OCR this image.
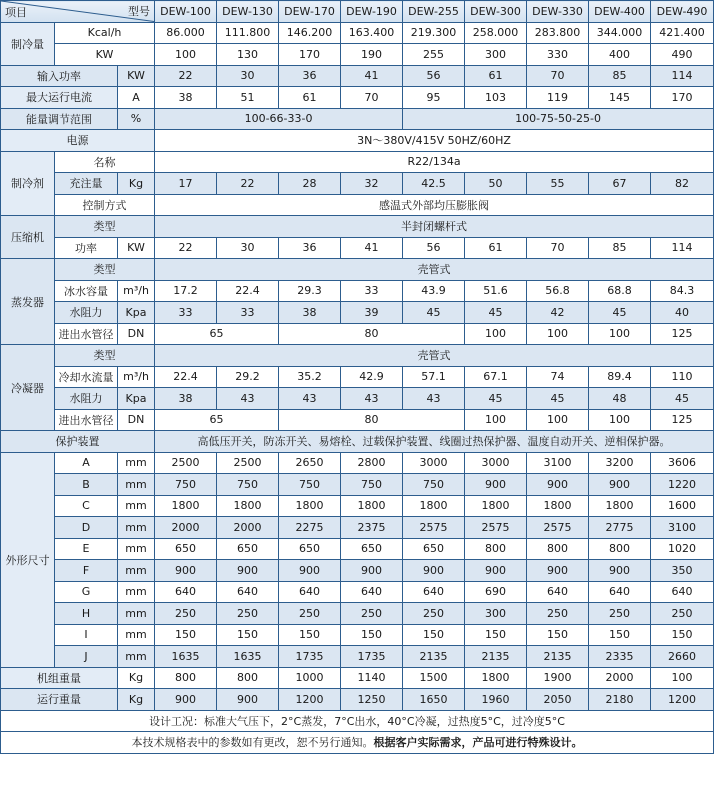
项目 型号			DEW-100	DEW-130	DEW-170	DEW-190	DEW-255	DEW-300	DEW-330	DEW-400	DEW-490
制冷量	Kcal/h		86.000	111.800	146.200	163.400	219.300	258.000	283.800	344.000	421.400
	KW		100	130	170	190	255	300	330	400	490
输入功率		KW	22	30	36	41	56	61	70	85	114
最大运行电流		A	38	51	61	70	95	103	119	145	170
能量调节范围		%	100-66-33-0				100-75-50-25-0				
电源			3N～380V/415V 50HZ/60HZ								
制冷剂	名称		R22/134a								
	充注量	Kg	17	22	28	32	42.5	50	55	67	82
	控制方式		感温式外部均压膨胀阀								
压缩机	类型		半封闭螺杆式								
	功率	KW	22	30	36	41	56	61	70	85	114
蒸发器	类型		壳管式								
	冰水容量	m³/h	17.2	22.4	29.3	33	43.9	51.6	56.8	68.8	84.3
	水阻力	Kpa	33	33	38	39	45	45	42	45	40
	进出水管径	DN	65		80			100	100	100	125
冷凝器	类型		壳管式								
	冷却水流量	m³/h	22.4	29.2	35.2	42.9	57.1	67.1	74	89.4	110
	水阻力	Kpa	38	43	43	43	43	45	45	48	45
	进出水管径	DN	65		80			100	100	100	125
保护装置			高低压开关，防冻开关、易熔栓、过载保护装置、线圈过热保护器、温度自动开关、逆相保护器。								
外形尺寸	A	mm	2500	2500	2650	2800	3000	3000	3100	3200	3606
	B	mm	750	750	750	750	750	900	900	900	1220
	C	mm	1800	1800	1800	1800	1800	1800	1800	1800	1600
	D	mm	2000	2000	2275	2375	2575	2575	2575	2775	3100
	E	mm	650	650	650	650	650	800	800	800	1020
	F	mm	900	900	900	900	900	900	900	900	350
	G	mm	640	640	640	640	640	690	640	640	640
	H	mm	250	250	250	250	250	300	250	250	250
	I	mm	150	150	150	150	150	150	150	150	150
	J	mm	1635	1635	1735	1735	2135	2135	2135	2335	2660
机组重量		Kg	800	800	1000	1140	1500	1800	1900	2000	100
运行重量		Kg	900	900	1200	1250	1650	1960	2050	2180	1200
设计工况：标准大气压下，2°C蒸发，7°C出水，40°C冷凝，过热度5°C，过冷度5°C											
本技术规格表中的参数如有更改，恕不另行通知。根据客户实际需求，产品可进行特殊设计。											
